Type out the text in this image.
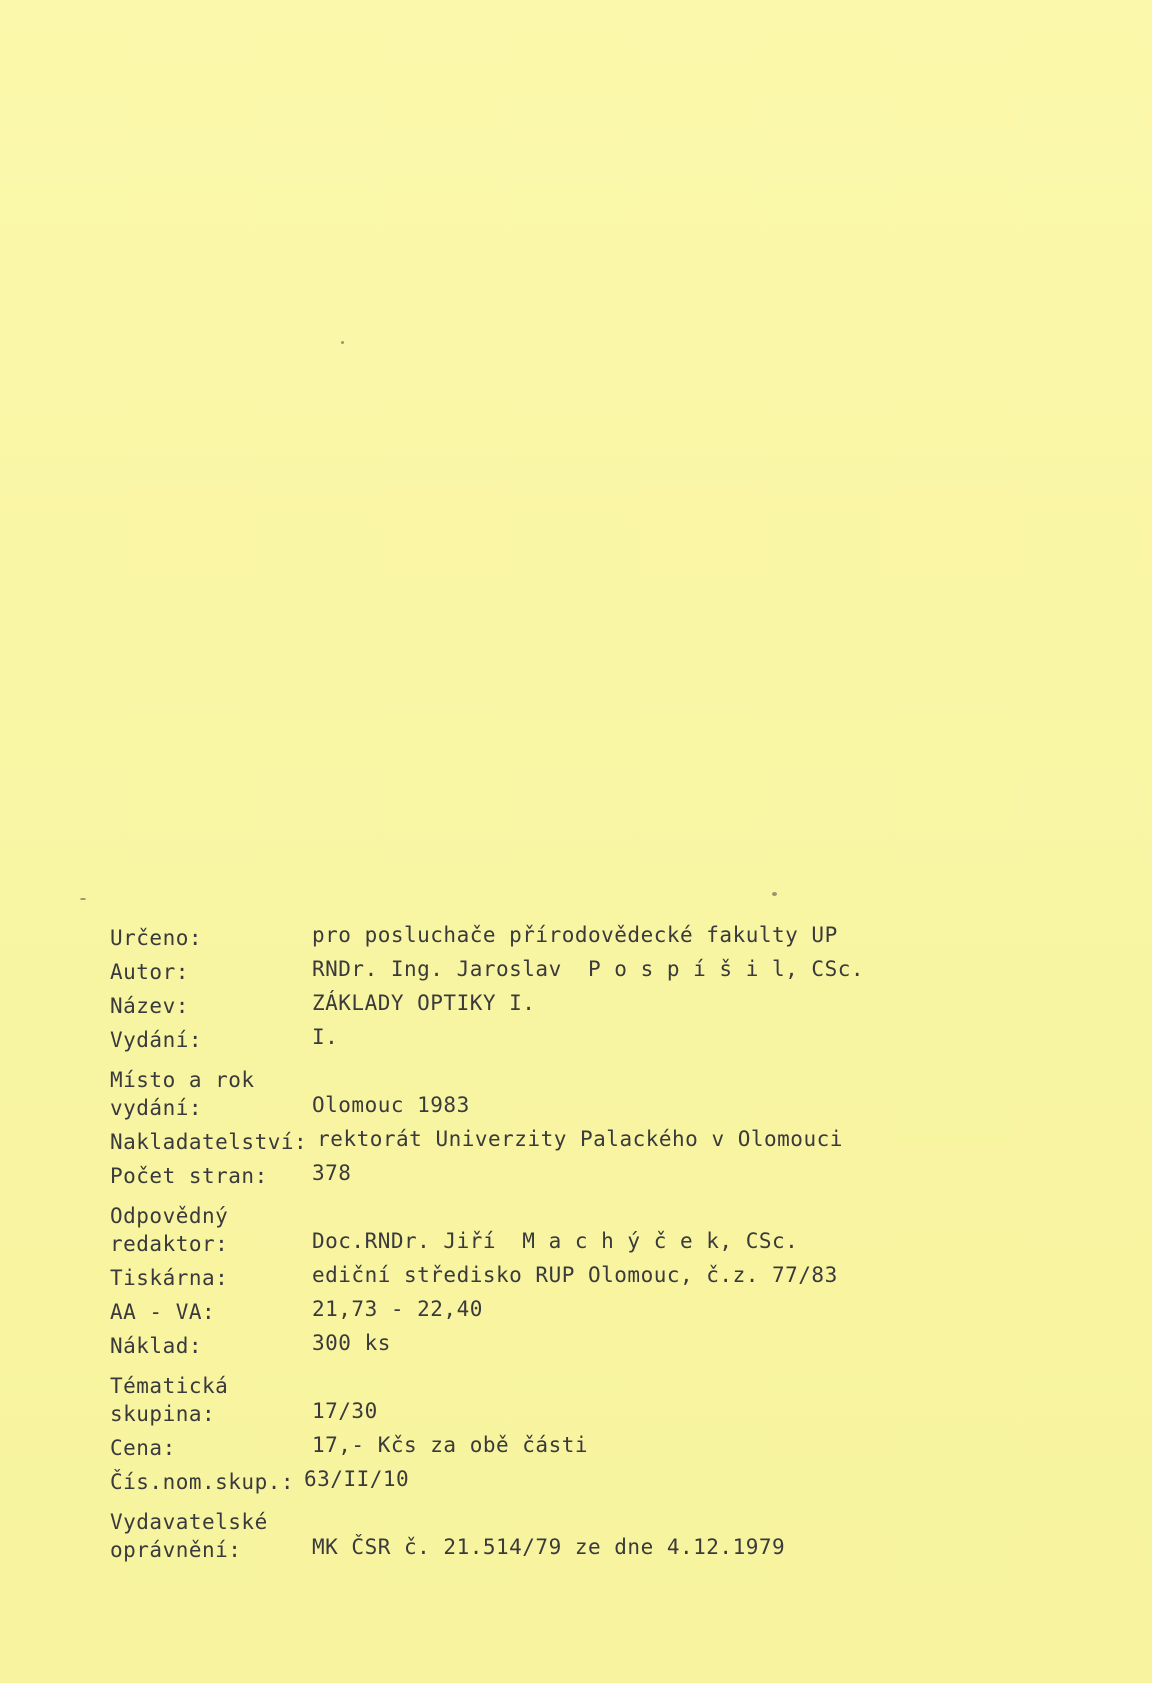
Určeno:	pro posluchače přírodovědecké fakulty UP
Autor:	RNDr. Ing. Jaroslav  P o s p í š i l, CSc.
Název:	ZÁKLADY OPTIKY I.
Vydání:	I.
Místo a rok
vydání:	Olomouc 1983
Nakladatelství: rektorát Univerzity Palackého v Olomouci
Počet stran:	378
Odpovědný
redaktor:	Doc.RNDr. Jiří  M a c h ý č e k, CSc.
Tiskárna:	ediční středisko RUP Olomouc, č.z. 77/83
AA - VA:	21,73 - 22,40
Náklad:	300 ks
Tématická
skupina:	17/30
Cena:	17,- Kčs za obě části
Čís.nom.skup.: 63/II/10
Vydavatelské
oprávnění:	MK ČSR č. 21.514/79 ze dne 4.12.1979
